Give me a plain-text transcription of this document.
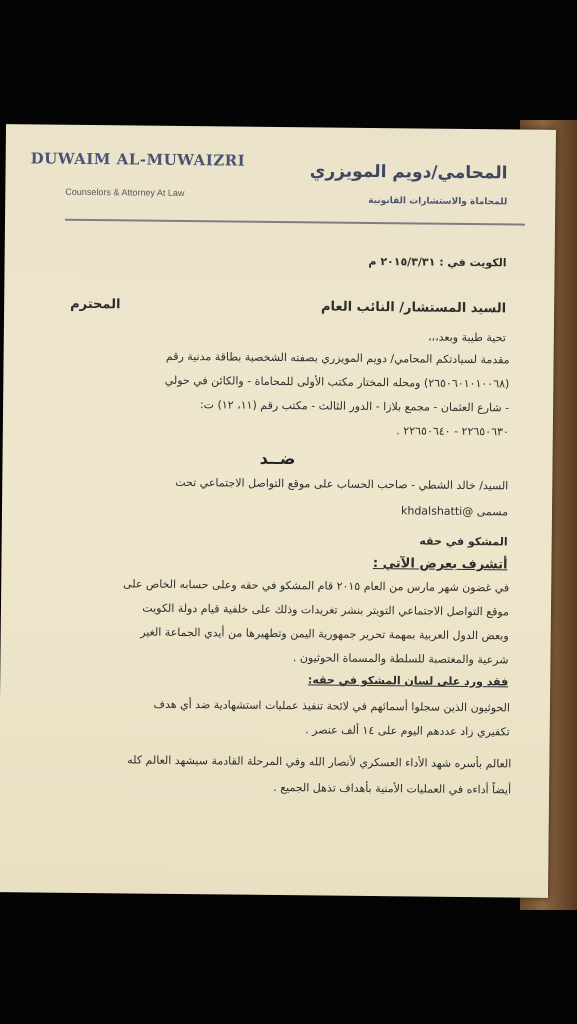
DUWAIM AL-MUWAIZRI
Counselors & Attorney At Law
المحامي/دويم المويزري
للمحاماة والاستشارات القانونية
الكويت في : ٢٠١٥/٣/٣١ م
السيد المستشار/ النائب العام
المحترم
تحية طيبة وبعد،،،
مقدمة لسيادتكم المحامي/ دويم المويزري بصفته الشخصية بطاقة مدنية رقم
(٢٦٥٠٦٠١٠١٠٠٦٨) ومحله المختار مكتب الأولى للمحاماة - والكائن في حولي
- شارع العثمان - مجمع بلازا - الدور الثالث - مكتب رقم (١١، ١٢) ت:
٢٢٦٥٠٦٣٠ - ٢٢٦٥٠٦٤٠ .
ضــد
السيد/ خالد الشطي - صاحب الحساب على موقع التواصل الاجتماعي تحت
مسمى @khdalshatti
المشكو في حقه
أتشرف بعرض الآتي :
في غضون شهر مارس من العام ٢٠١٥ قام المشكو في حقه وعلى حسابه الخاص على
موقع التواصل الاجتماعي التويتر بنشر تغريدات وذلك على خلفية قيام دولة الكويت
وبعض الدول العربية بمهمة تحرير جمهورية اليمن وتطهيرها من أيدي الجماعة الغير
شرعية والمغتصبة للسلطة والمسماة الحوثيون .
فقد ورد على لسان المشكو في حقه:
الحوثيون الذين سجلوا أسمائهم في لائحة تنفيذ عمليات استشهادية ضد أي هدف
تكفيري زاد عددهم اليوم على ١٤ ألف عنصر .
العالم بأسره شهد الأداء العسكري لأنصار الله وفي المرحلة القادمة سيشهد العالم كله
أيضاً أداءه في العمليات الأمنية بأهداف تذهل الجميع .
